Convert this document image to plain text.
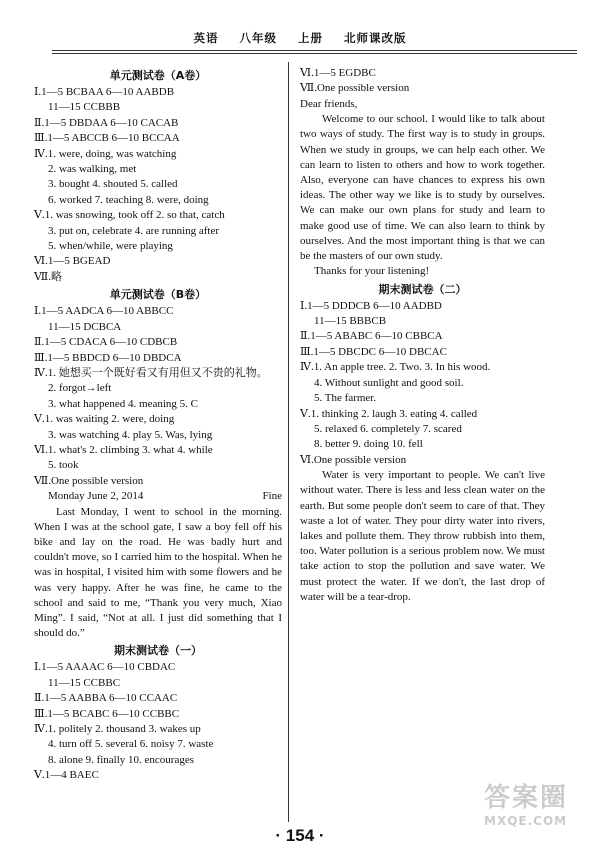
英语 八年级 上册 北师课改版
单元测试卷（A卷）
Ⅰ.1—5 BCBAA 6—10 AABDB
11—15 CCBBB
Ⅱ.1—5 DBDAA 6—10 CACAB
Ⅲ.1—5 ABCCB 6—10 BCCAA
Ⅳ.1. were, doing, was watching
2. was walking, met
3. bought 4. shouted 5. called
6. worked 7. teaching 8. were, doing
Ⅴ.1. was snowing, took off 2. so that, catch
3. put on, celebrate 4. are running after
5. when/while, were playing
Ⅵ.1—5 BGEAD
Ⅶ.略
单元测试卷（B卷）
Ⅰ.1—5 AADCA 6—10 ABBCC
11—15 DCBCA
Ⅱ.1—5 CDACA 6—10 CDBCB
Ⅲ.1—5 BBDCD 6—10 DBDCA
Ⅳ.1. 她想买一个既好看又有用但又不贵的礼物。
2. forgot→left
3. what happened 4. meaning 5. C
Ⅴ.1. was waiting 2. were, doing
3. was watching 4. play 5. Was, lying
Ⅵ.1. what's 2. climbing 3. what 4. while
5. took
Ⅶ.One possible version
Monday June 2, 2014	Fine
Last Monday, I went to school in the morning. When I was at the school gate, I saw a boy fell off his bike and lay on the road. He was badly hurt and couldn't move, so I carried him to the hospital. When he was in hospital, I visited him with some flowers and he was very happy. After he was fine, he came to the school and said to me, “Thank you very much, Xiao Ming”. I said, “Not at all. I just did something that I should do.”
期末测试卷（一）
Ⅰ.1—5 AAAAC 6—10 CBDAC
11—15 CCBBC
Ⅱ.1—5 AABBA 6—10 CCAAC
Ⅲ.1—5 BCABC 6—10 CCBBC
Ⅳ.1. politely 2. thousand 3. wakes up
4. turn off 5. several 6. noisy 7. waste
8. alone 9. finally 10. encourages
Ⅴ.1—4 BAEC
Ⅵ.1—5 EGDBC
Ⅶ.One possible version
Dear friends,
Welcome to our school. I would like to talk about two ways of study. The first way is to study in groups. When we study in groups, we can help each other. We can learn to listen to others and how to work together. Also, everyone can have chances to express his own ideas. The other way we like is to study by ourselves. We can make our own plans for study and learn to make good use of time. We can also learn to think by ourselves. And the most important thing is that we can be the masters of our own study.
Thanks for your listening!
期末测试卷（二）
Ⅰ.1—5 DDDCB 6—10 AADBD
11—15 BBBCB
Ⅱ.1—5 ABABC 6—10 CBBCA
Ⅲ.1—5 DBCDC 6—10 DBCAC
Ⅳ.1. An apple tree. 2. Two. 3. In his wood.
4. Without sunlight and good soil.
5. The farmer.
Ⅴ.1. thinking 2. laugh 3. eating 4. called
5. relaxed 6. completely 7. scared
8. better 9. doing 10. fell
Ⅵ.One possible version
Water is very important to people. We can't live without water. There is less and less clean water on the earth. But some people don't seem to care of that. They waste a lot of water. They pour dirty water into rivers, lakes and pollute them. They throw rubbish into them, too. Water pollution is a serious problem now. We must take action to stop the pollution and save water. We must protect the water. If we don't, the last drop of water will be a tear-drop.
· 154 ·
答案圈
MXQE.COM
